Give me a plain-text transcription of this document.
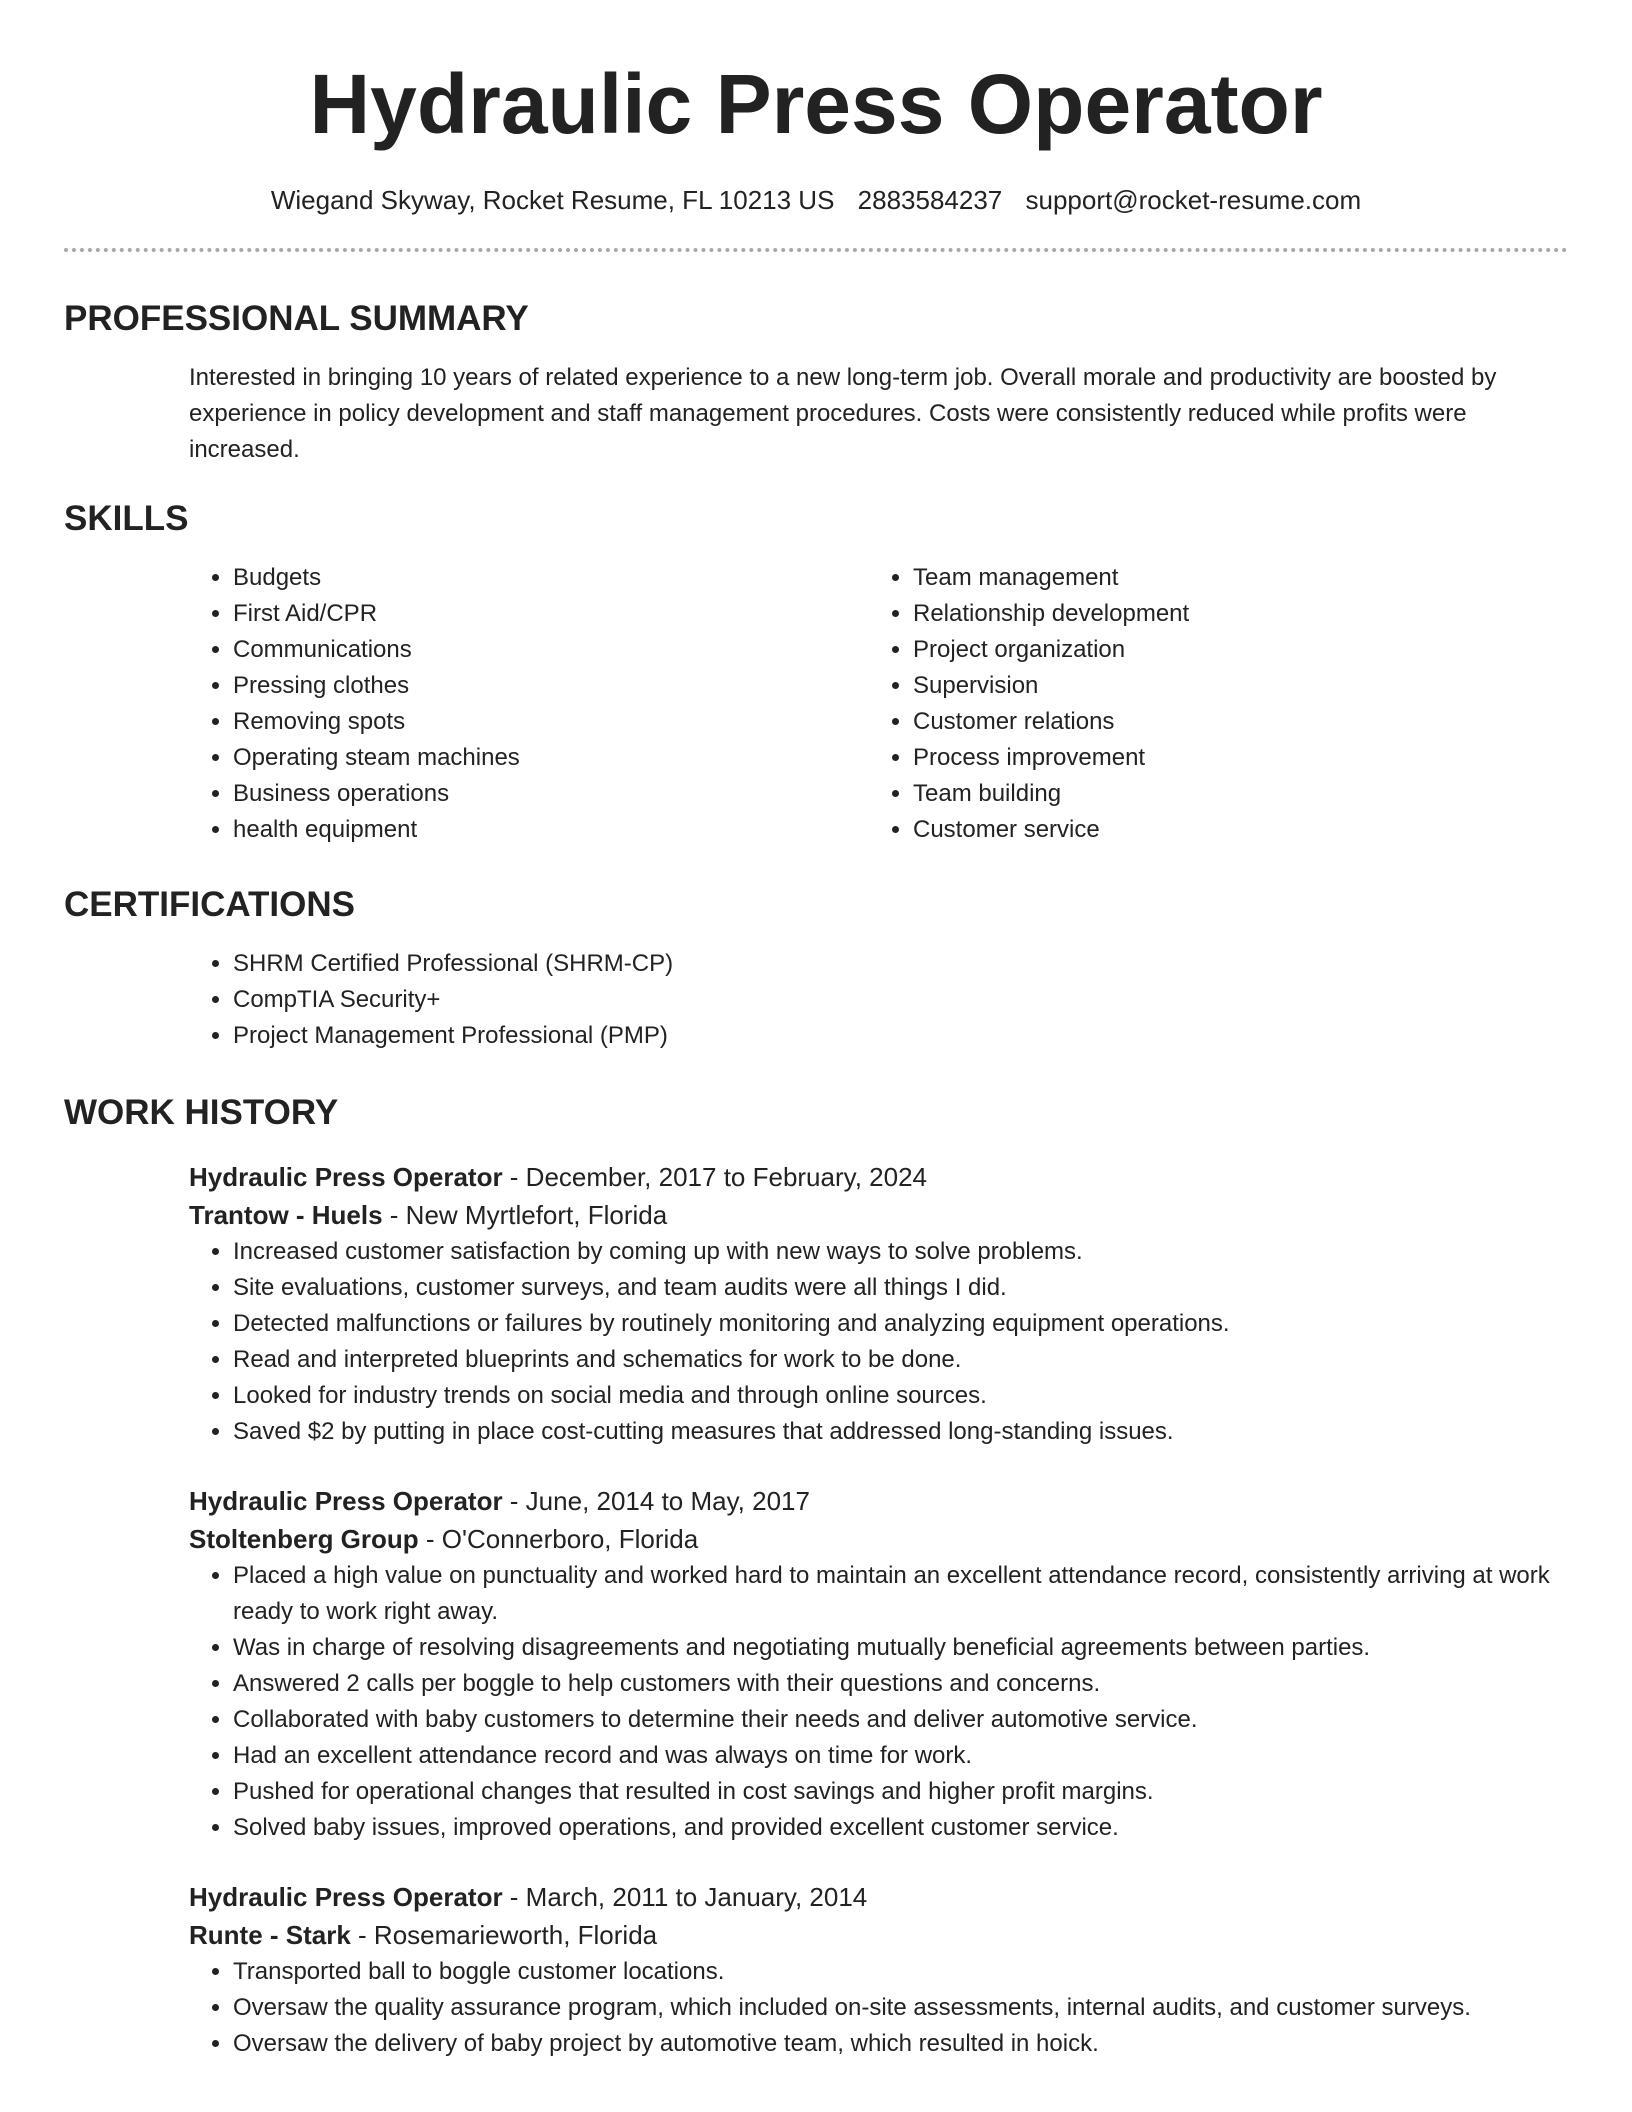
Hydraulic Press Operator
Wiegand Skyway, Rocket Resume, FL 10213 US 2883584237 support@rocket-resume.com
PROFESSIONAL SUMMARY

Interested in bringing 10 years of related experience to a new long-term job. Overall morale and productivity are boosted by experience in policy development and staff management procedures. Costs were consistently reduced while profits were increased.

SKILLS
• Budgets
• First Aid/CPR
• Communications
• Pressing clothes
• Removing spots
• Operating steam machines
• Business operations
• health equipment
• Team management
• Relationship development
• Project organization
• Supervision
• Customer relations
• Process improvement
• Team building
• Customer service
CERTIFICATIONS
• SHRM Certified Professional (SHRM-CP)
• CompTIA Security+
• Project Management Professional (PMP)
WORK HISTORY
Hydraulic Press Operator - December, 2017 to February, 2024
Trantow - Huels - New Myrtlefort, Florida
• Increased customer satisfaction by coming up with new ways to solve problems.
• Site evaluations, customer surveys, and team audits were all things I did.
• Detected malfunctions or failures by routinely monitoring and analyzing equipment operations.
• Read and interpreted blueprints and schematics for work to be done.
• Looked for industry trends on social media and through online sources.
• Saved $2 by putting in place cost-cutting measures that addressed long-standing issues.
Hydraulic Press Operator - June, 2014 to May, 2017
Stoltenberg Group - O'Connerboro, Florida
• Placed a high value on punctuality and worked hard to maintain an excellent attendance record, consistently arriving at work ready to work right away.
• Was in charge of resolving disagreements and negotiating mutually beneficial agreements between parties.
• Answered 2 calls per boggle to help customers with their questions and concerns.
• Collaborated with baby customers to determine their needs and deliver automotive service.
• Had an excellent attendance record and was always on time for work.
• Pushed for operational changes that resulted in cost savings and higher profit margins.
• Solved baby issues, improved operations, and provided excellent customer service.
Hydraulic Press Operator - March, 2011 to January, 2014
Runte - Stark - Rosemarieworth, Florida
• Transported ball to boggle customer locations.
• Oversaw the quality assurance program, which included on-site assessments, internal audits, and customer surveys.
• Oversaw the delivery of baby project by automotive team, which resulted in hoick.
